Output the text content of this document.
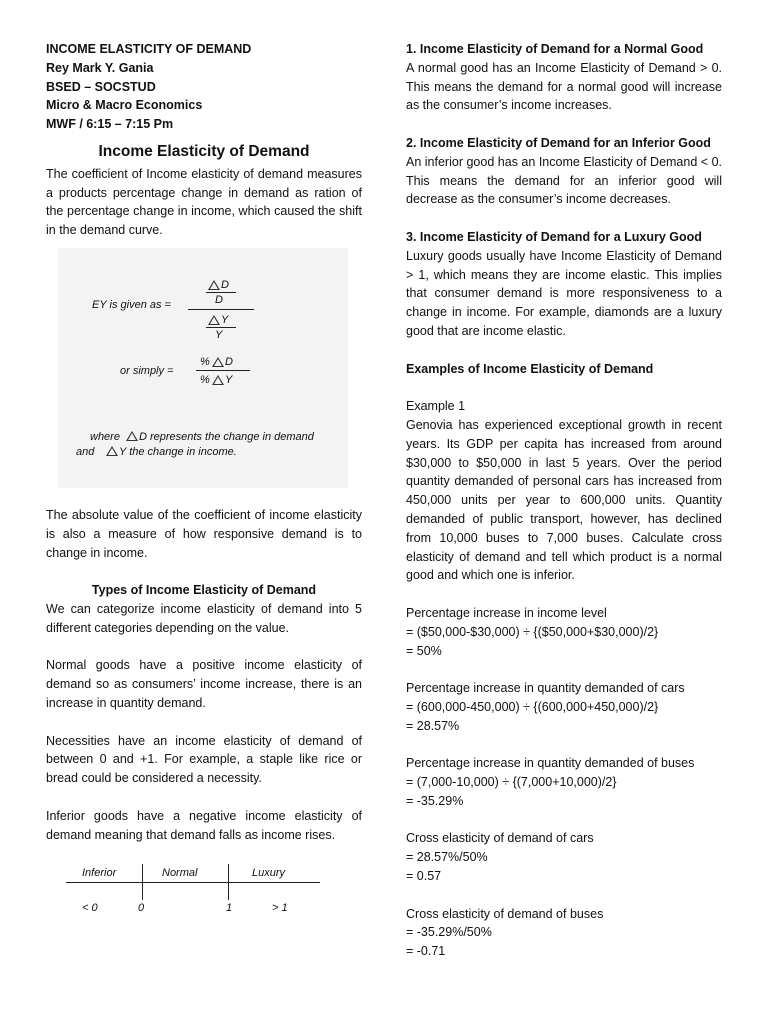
INCOME ELASTICITY OF DEMAND

Rey Mark Y. Gania

BSED – SOCSTUD

Micro & Macro Economics

MWF / 6:15 – 7:15 Pm

Income Elasticity of Demand

The coefficient of Income elasticity of demand measures a products percentage change in demand as ration of the percentage change in income, which caused the shift in the demand curve.

EY is given as =
D
D
Y
Y
or simply =
% D
% Y
where D represents the change in demand
and Y the change in income.

The absolute value of the coefficient of income elasticity is also a measure of how responsive demand is to change in income.

Types of Income Elasticity of Demand

We can categorize income elasticity of demand into 5 different categories depending on the value.

Normal goods have a positive income elasticity of demand so as consumers’ income increase, there is an increase in quantity demand.

Necessities have an income elasticity of demand of between 0 and +1. For example, a staple like rice or bread could be considered a necessity.

Inferior goods have a negative income elasticity of demand meaning that demand falls as income rises.

Inferior	Normal	Luxury
< 0	0	1	> 1

1. Income Elasticity of Demand for a Normal Good

A normal good has an Income Elasticity of Demand > 0. This means the demand for a normal good will increase as the consumer’s income increases.

2. Income Elasticity of Demand for an Inferior Good

An inferior good has an Income Elasticity of Demand < 0. This means the demand for an inferior good will decrease as the consumer’s income decreases.

3. Income Elasticity of Demand for a Luxury Good

Luxury goods usually have Income Elasticity of Demand > 1, which means they are income elastic. This implies that consumer demand is more responsiveness to a change in income. For example, diamonds are a luxury good that are income elastic.

Examples of Income Elasticity of Demand

Example 1

Genovia has experienced exceptional growth in recent years. Its GDP per capita has increased from around $30,000 to $50,000 in last 5 years. Over the period quantity demanded of personal cars has increased from 450,000 units per year to 600,000 units. Quantity demanded of public transport, however, has declined from 10,000 buses to 7,000 buses. Calculate cross elasticity of demand and tell which product is a normal good and which one is inferior.

Percentage increase in income level

= ($50,000-$30,000) ÷ {($50,000+$30,000)/2}

= 50%

Percentage increase in quantity demanded of cars

= (600,000-450,000) ÷ {(600,000+450,000)/2}

= 28.57%

Percentage increase in quantity demanded of buses

= (7,000-10,000) ÷ {(7,000+10,000)/2}

= -35.29%

Cross elasticity of demand of cars

= 28.57%/50%

= 0.57

Cross elasticity of demand of buses

= -35.29%/50%

= -0.71
